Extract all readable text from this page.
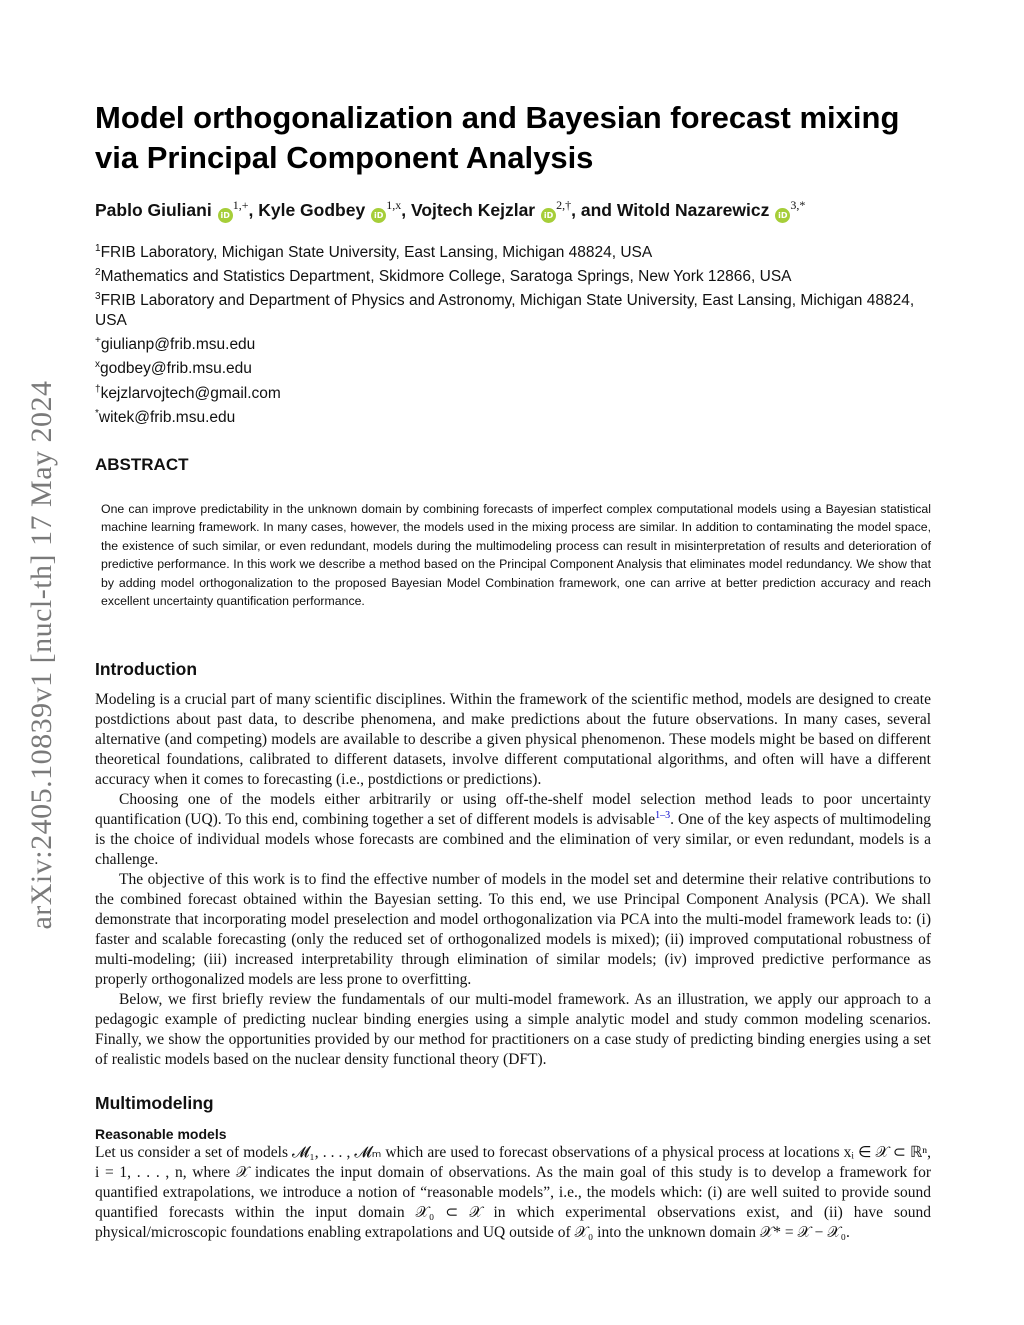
arXiv:2405.10839v1 [nucl-th] 17 May 2024
Model orthogonalization and Bayesian forecast mixing via Principal Component Analysis
Pablo Giuliani $iD^{1,+}$, Kyle Godbey iD$^{1,x}$, Vojtech Kejzlar $iD^{2,\dagger}$, and Witold Nazarewicz $iD^{3,*}$
$^1$FRIB Laboratory, Michigan State University, East Lansing, Michigan 48824, USA
$^2$Mathematics and Statistics Department, Skidmore College, Saratoga Springs, New York 12866, USA
$^3$FRIB Laboratory and Department of Physics and Astronomy, Michigan State University, East Lansing, Michigan 48824, USA
+giulianp@frib.msu.edu
$^x$godbey@frib.msu.edu
†kejzlarvojtech@gmail.com
*witek@frib.msu.edu
ABSTRACT
One can improve predictability in the unknown domain by combining forecasts of imperfect complex computational models using a Bayesian statistical machine learning framework. In many cases, however, the models used in the mixing process are similar. In addition to contaminating the model space, the existence of such similar, or even redundant, models during the multimodeling process can result in misinterpretation of results and deterioration of predictive performance. In this work we describe a method based on the Principal Component Analysis that eliminates model redundancy. We show that by adding model orthogonalization to the proposed Bayesian Model Combination framework, one can arrive at better prediction accuracy and reach excellent uncertainty quantification performance.
Introduction

Modeling is a crucial part of many scientific disciplines. Within the framework of the scientific method, models are designed to create postdictions about past data, to describe phenomena, and make predictions about the future observations. In many cases, several alternative (and competing) models are available to describe a given physical phenomenon. These models might be based on different theoretical foundations, calibrated to different datasets, involve different computational algorithms, and often will have a different accuracy when it comes to forecasting (i.e., postdictions or predictions).

Choosing one of the models either arbitrarily or using off-the-shelf model selection method leads to poor uncertainty quantification (UQ). To this end, combining together a set of different models is advisable$^{1-3}$. One of the key aspects of multimodeling is the choice of individual models whose forecasts are combined and the elimination of very similar, or even redundant, models is a challenge.

The objective of this work is to find the effective number of models in the model set and determine their relative contributions to the combined forecast obtained within the Bayesian setting. To this end, we use Principal Component Analysis (PCA). We shall demonstrate that incorporating model preselection and model orthogonalization via PCA into the multi-model framework leads to: (i) faster and scalable forecasting (only the reduced set of orthogonalized models is mixed); (ii) improved computational robustness of multi-modeling; (iii) increased interpretability through elimination of similar models; (iv) improved predictive performance as properly orthogonalized models are less prone to overfitting.

Below, we first briefly review the fundamentals of our multi-model framework. As an illustration, we apply our approach to a pedagogic example of predicting nuclear binding energies using a simple analytic model and study common modeling scenarios. Finally, we show the opportunities provided by our method for practitioners on a case study of predicting binding energies using a set of realistic models based on the nuclear density functional theory (DFT).

Multimodeling
Reasonable models

Let us consider a set of models 𝓜₁, . . . , 𝓜ₘ which are used to forecast observations of a physical process at locations xᵢ ∈ 𝒳 ⊂ ℝⁿ, i = 1, . . . , n, where 𝒳 indicates the input domain of observations. As the main goal of this study is to develop a framework for quantified extrapolations, we introduce a notion of “reasonable models”, i.e., the models which: (i) are well suited to provide sound quantified forecasts within the input domain 𝒳₀ ⊂ 𝒳 in which experimental observations exist, and (ii) have sound physical/microscopic foundations enabling extrapolations and UQ outside of 𝒳₀ into the unknown domain 𝒳* = 𝒳 − 𝒳₀.
